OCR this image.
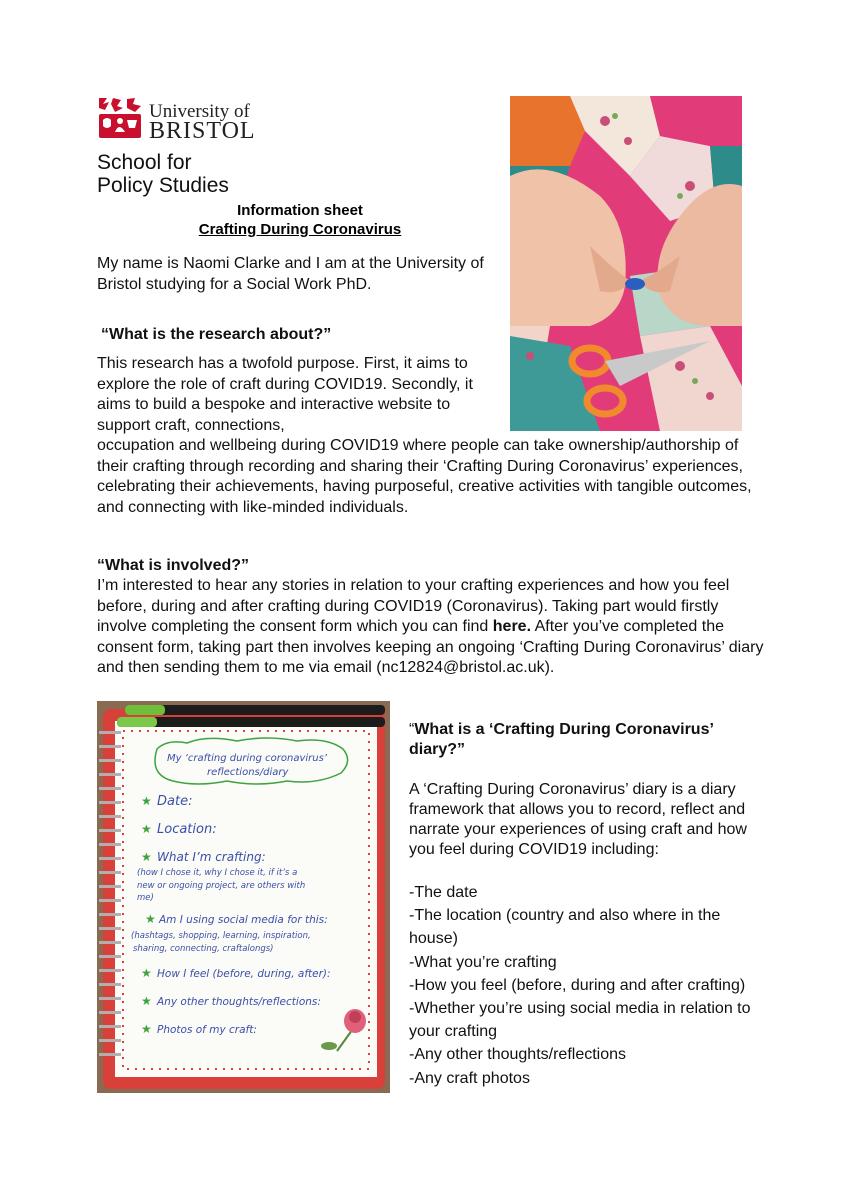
University of
BRISTOL
School for
Policy Studies
Information sheet
Crafting During Coronavirus
My name is Naomi Clarke and I am at the University of Bristol studying for a Social Work PhD.
“What is the research about?”
This research has a twofold purpose. First, it aims to explore the role of craft during COVID19. Secondly, it aims to build a bespoke and interactive website to support craft, connections,
occupation and wellbeing during COVID19 where people can take ownership/authorship of their crafting through recording and sharing their ‘Crafting During Coronavirus’ experiences, celebrating their achievements, having purposeful, creative activities with tangible outcomes, and connecting with like-minded individuals.
“What is involved?”
I’m interested to hear any stories in relation to your crafting experiences and how you feel before, during and after crafting during COVID19 (Coronavirus). Taking part would firstly involve completing the consent form which you can find here. After you’ve completed the consent form, taking part then involves keeping an ongoing ‘Crafting During Coronavirus’ diary and then sending them to me via email (nc12824@bristol.ac.uk).
My ‘crafting during coronavirus’
reflections/diary
★
★
★
★
★
★
★
Date:
Location:
What I’m crafting:
(how I chose it, why I chose it, if it’s a
new or ongoing project, are others with
me)
Am I using social media for this:
(hashtags, shopping, learning, inspiration,
sharing, connecting, craftalongs)
How I feel (before, during, after):
Any other thoughts/reflections:
Photos of my craft:
“What is a ‘Crafting During Coronavirus’ diary?”
A ‘Crafting During Coronavirus’ diary is a diary framework that allows you to record, reflect and narrate your experiences of using craft and how you feel during COVID19 including:
-The date
-The location (country and also where in the house)
-What you’re crafting
-How you feel (before, during and after crafting)
-Whether you’re using social media in relation to your crafting
-Any other thoughts/reflections
-Any craft photos
